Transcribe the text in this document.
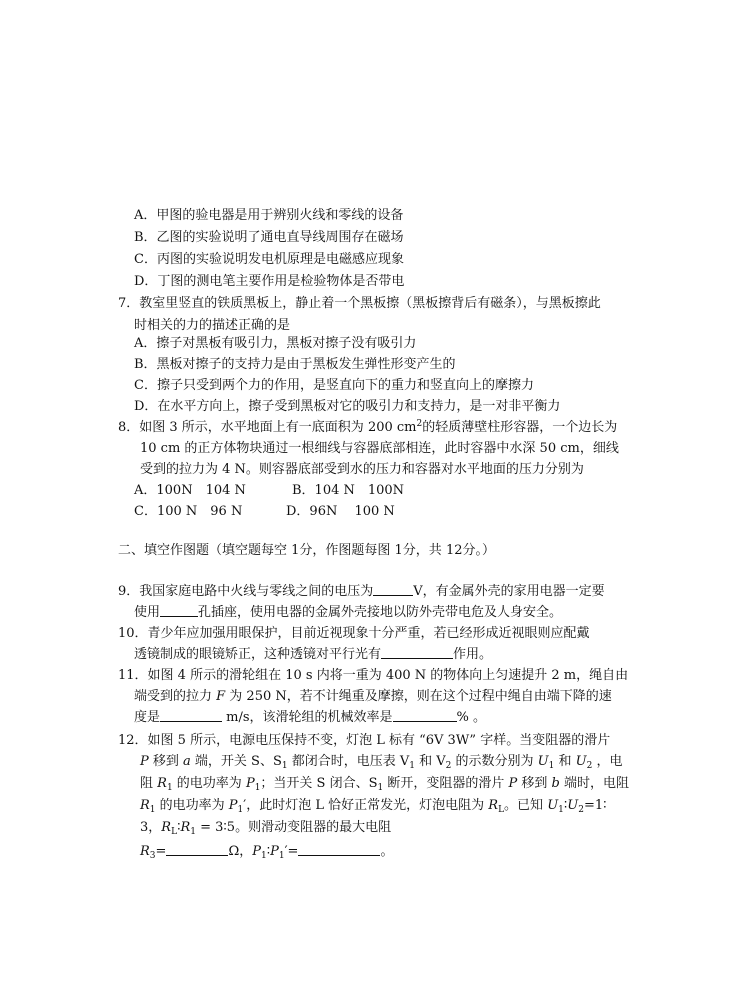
A．甲图的验电器是用于辨别火线和零线的设备
B．乙图的实验说明了通电直导线周围存在磁场
C．丙图的实验说明发电机原理是电磁感应现象
D．丁图的测电笔主要作用是检验物体是否带电
7．教室里竖直的铁质黑板上，静止着一个黑板擦（黑板擦背后有磁条），与黑板擦此
时相关的力的描述正确的是
A．擦子对黑板有吸引力，黑板对擦子没有吸引力
B．黑板对擦子的支持力是由于黑板发生弹性形变产生的
C．擦子只受到两个力的作用，是竖直向下的重力和竖直向上的摩擦力
D．在水平方向上，擦子受到黑板对它的吸引力和支持力，是一对非平衡力
8．如图 3 所示，水平地面上有一底面积为 200 $cm^2$的轻质薄壁柱形容器，一个边长为
10 cm 的正方体物块通过一根细线与容器底部相连，此时容器中水深 50 cm，细线
受到的拉力为 4 N。则容器底部受到水的压力和容器对水平地面的压力分别为
A．100N　104 N	B．104 N　100N
C．100 N　96 N	D．96N　 100 N
二、填空作图题（填空题每空 1分，作图题每图 1分，共 12分。）
9．我国家庭电路中火线与零线之间的电压为	V，有金属外壳的家用电器一定要
使用	孔插座，使用电器的金属外壳接地以防外壳带电危及人身安全。
10．青少年应加强用眼保护，目前近视现象十分严重，若已经形成近视眼则应配戴
透镜制成的眼镜矫正，这种透镜对平行光有	作用。
11．如图 4 所示的滑轮组在 10 s 内将一重为 400 N 的物体向上匀速提升 2 m，绳自由
端受到的拉力 F 为 250 N，若不计绳重及摩擦，则在这个过程中绳自由端下降的速
度是	m/s，该滑轮组的机械效率是	% 。
12．如图 5 所示，电源电压保持不变，灯泡 L 标有 “6V 3W” 字样。当变阻器的滑片
P 移到 a 端，开关 S、$S_1$ 都闭合时，电压表 $V_1$ 和 $V_2$ 的示数分别为 $U_1$ 和 $U_2$ ，电
阻 $R_1$ 的电功率为 $P_1$；当开关 S 闭合、$S_1$ 断开，变阻器的滑片 P 移到 b 端时，电阻
$R_1$ 的电功率为 $P_1'$，此时灯泡 L 恰好正常发光，灯泡电阻为 $R_L$。已知 $U_1∶U_2=1∶$
3，$R_L∶R_1$ = 3∶5。则滑动变阻器的最大电阻
$R_3=$	Ω，$P_1∶P_1'=$	。
